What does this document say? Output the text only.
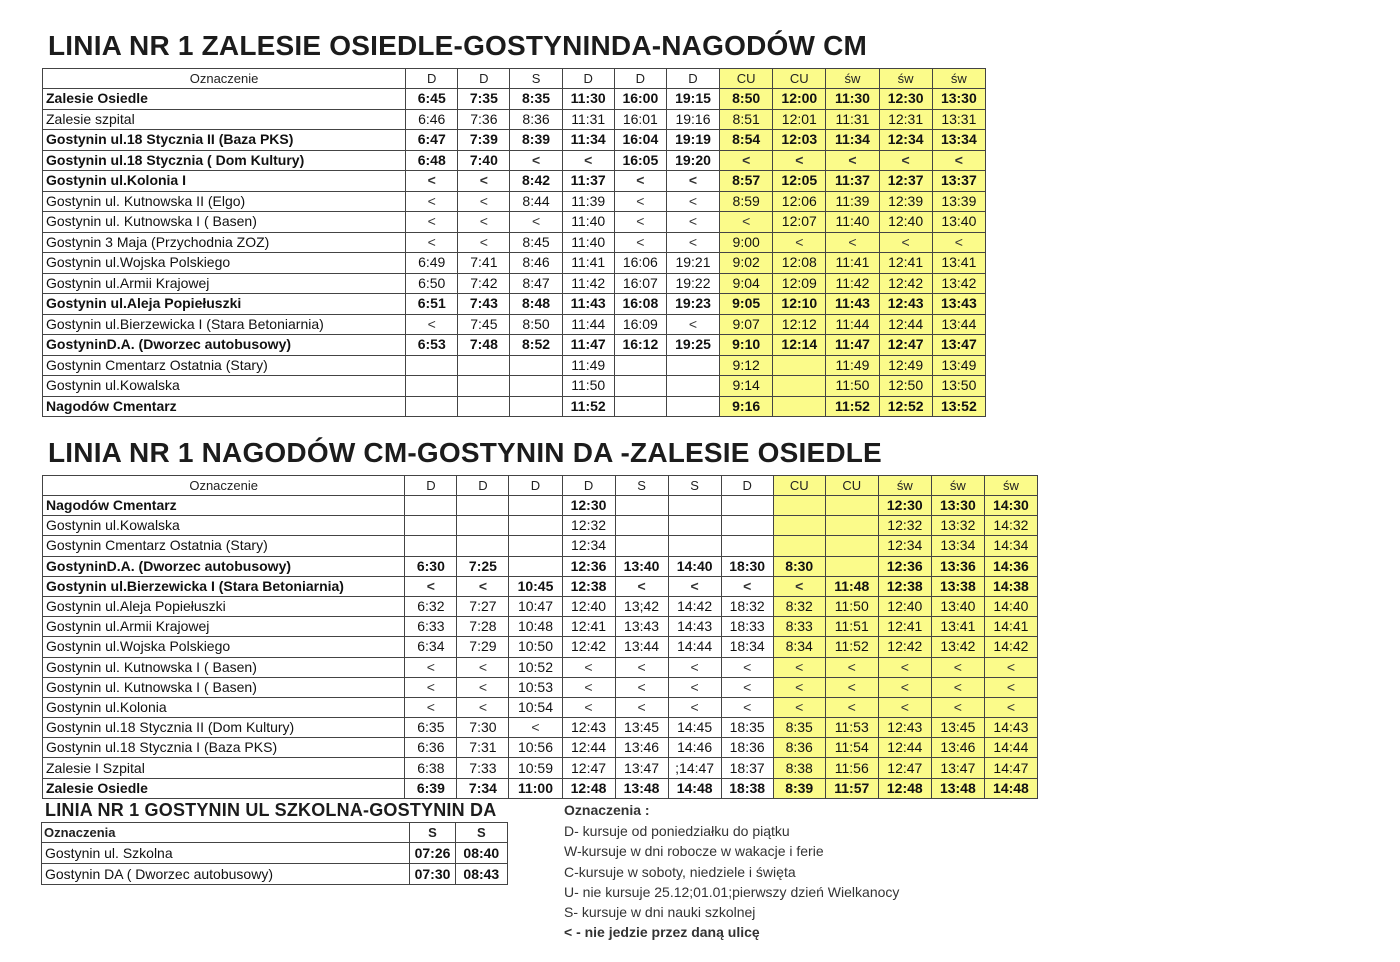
LINIA NR 1 ZALESIE OSIEDLE-GOSTYNINDA-NAGODÓW CM
Oznaczenie	D	D	S	D	D	D	CU	CU	św	św	św
Zalesie Osiedle	6:45	7:35	8:35	11:30	16:00	19:15	8:50	12:00	11:30	12:30	13:30
Zalesie szpital	6:46	7:36	8:36	11:31	16:01	19:16	8:51	12:01	11:31	12:31	13:31
Gostynin ul.18 Stycznia II (Baza PKS)	6:47	7:39	8:39	11:34	16:04	19:19	8:54	12:03	11:34	12:34	13:34
Gostynin ul.18 Stycznia ( Dom Kultury)	6:48	7:40	<	<	16:05	19:20	<	<	<	<	<
Gostynin ul.Kolonia I	<	<	8:42	11:37	<	<	8:57	12:05	11:37	12:37	13:37
Gostynin ul. Kutnowska II (Elgo)	<	<	8:44	11:39	<	<	8:59	12:06	11:39	12:39	13:39
Gostynin ul. Kutnowska I ( Basen)	<	<	<	11:40	<	<	<	12:07	11:40	12:40	13:40
Gostynin 3 Maja (Przychodnia ZOZ)	<	<	8:45	11:40	<	<	9:00	<	<	<	<
Gostynin ul.Wojska Polskiego	6:49	7:41	8:46	11:41	16:06	19:21	9:02	12:08	11:41	12:41	13:41
Gostynin ul.Armii Krajowej	6:50	7:42	8:47	11:42	16:07	19:22	9:04	12:09	11:42	12:42	13:42
Gostynin ul.Aleja Popiełuszki	6:51	7:43	8:48	11:43	16:08	19:23	9:05	12:10	11:43	12:43	13:43
Gostynin ul.Bierzewicka I (Stara Betoniarnia)	<	7:45	8:50	11:44	16:09	<	9:07	12:12	11:44	12:44	13:44
GostyninD.A. (Dworzec autobusowy)	6:53	7:48	8:52	11:47	16:12	19:25	9:10	12:14	11:47	12:47	13:47
Gostynin Cmentarz Ostatnia (Stary)				11:49			9:12		11:49	12:49	13:49
Gostynin ul.Kowalska				11:50			9:14		11:50	12:50	13:50
Nagodów Cmentarz				11:52			9:16		11:52	12:52	13:52
LINIA NR 1 NAGODÓW CM-GOSTYNIN DA -ZALESIE OSIEDLE
Oznaczenie	D	D	D	D	S	S	D	CU	CU	św	św	św
Nagodów Cmentarz				12:30						12:30	13:30	14:30
Gostynin ul.Kowalska				12:32						12:32	13:32	14:32
Gostynin Cmentarz Ostatnia (Stary)				12:34						12:34	13:34	14:34
GostyninD.A. (Dworzec autobusowy)	6:30	7:25		12:36	13:40	14:40	18:30	8:30		12:36	13:36	14:36
Gostynin ul.Bierzewicka I (Stara Betoniarnia)	<	<	10:45	12:38	<	<	<	<	11:48	12:38	13:38	14:38
Gostynin ul.Aleja Popiełuszki	6:32	7:27	10:47	12:40	13;42	14:42	18:32	8:32	11:50	12:40	13:40	14:40
Gostynin ul.Armii Krajowej	6:33	7:28	10:48	12:41	13:43	14:43	18:33	8:33	11:51	12:41	13:41	14:41
Gostynin ul.Wojska Polskiego	6:34	7:29	10:50	12:42	13:44	14:44	18:34	8:34	11:52	12:42	13:42	14:42
Gostynin ul. Kutnowska I ( Basen)	<	<	10:52	<	<	<	<	<	<	<	<	<
Gostynin ul. Kutnowska I ( Basen)	<	<	10:53	<	<	<	<	<	<	<	<	<
Gostynin ul.Kolonia	<	<	10:54	<	<	<	<	<	<	<	<	<
Gostynin ul.18 Stycznia II (Dom Kultury)	6:35	7:30	<	12:43	13:45	14:45	18:35	8:35	11:53	12:43	13:45	14:43
Gostynin ul.18 Stycznia I (Baza PKS)	6:36	7:31	10:56	12:44	13:46	14:46	18:36	8:36	11:54	12:44	13:46	14:44
Zalesie I Szpital	6:38	7:33	10:59	12:47	13:47	;14:47	18:37	8:38	11:56	12:47	13:47	14:47
Zalesie Osiedle	6:39	7:34	11:00	12:48	13:48	14:48	18:38	8:39	11:57	12:48	13:48	14:48
LINIA NR 1 GOSTYNIN UL SZKOLNA-GOSTYNIN DA
Oznaczenia	S	S
Gostynin ul. Szkolna	07:26	08:40
Gostynin DA ( Dworzec autobusowy)	07:30	08:43
Oznaczenia :
D- kursuje od poniedziałku do piątku
W-kursuje w dni robocze w wakacje i ferie
C-kursuje w soboty, niedziele i święta
U- nie kursuje 25.12;01.01;pierwszy dzień Wielkanocy
S- kursuje w dni nauki szkolnej
< - nie jedzie przez daną ulicę
